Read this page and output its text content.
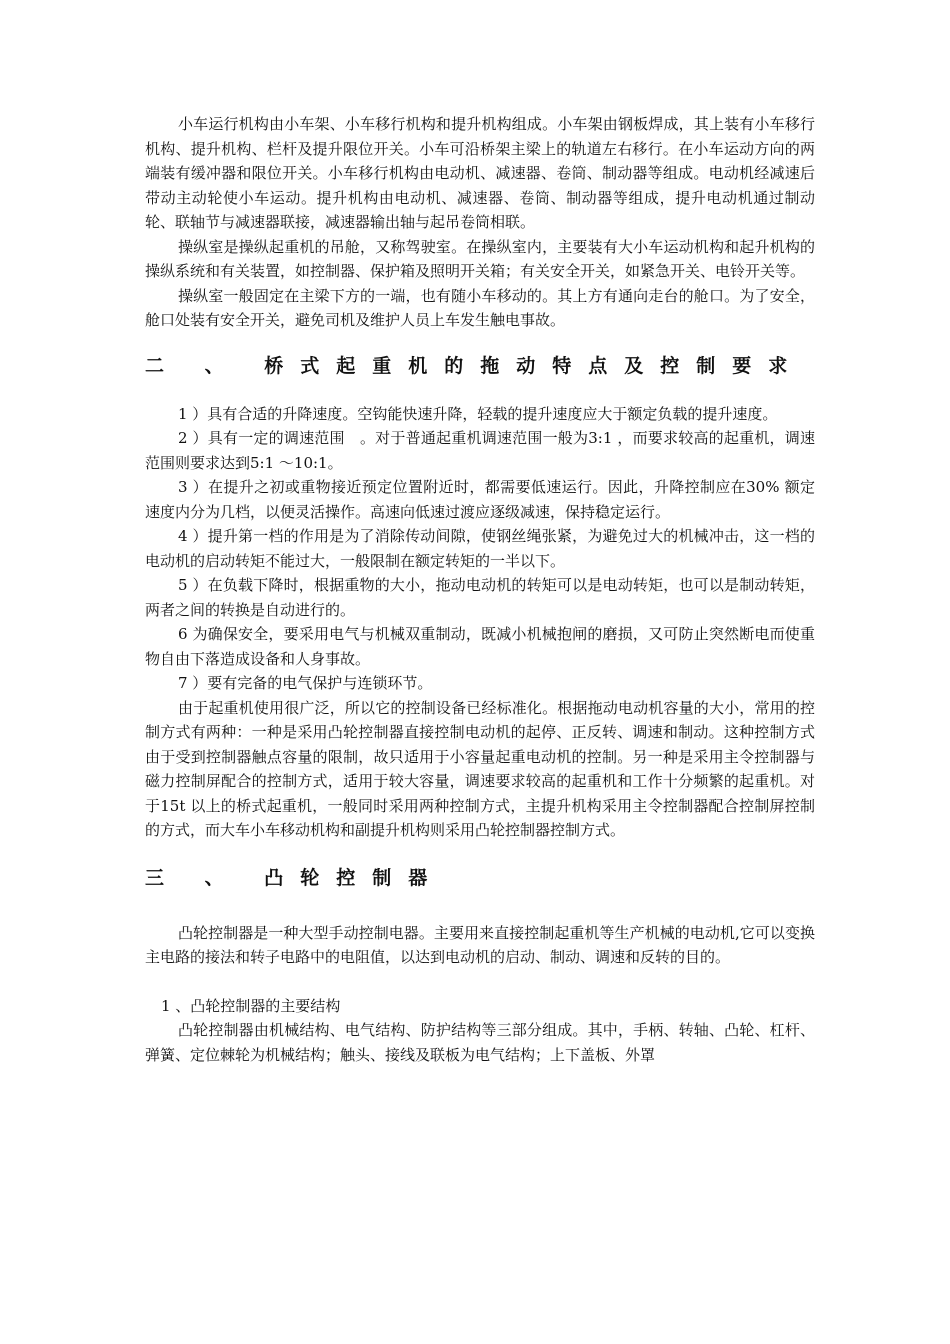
小车运行机构由小车架、小车移行机构和提升机构组成。小车架由钢板焊成，其上装有小车移行机构、提升机构、栏杆及提升限位开关。小车可沿桥架主梁上的轨道左右移行。在小车运动方向的两端装有缓冲器和限位开关。小车移行机构由电动机、减速器、卷筒、制动器等组成。电动机经减速后带动主动轮使小车运动。提升机构由电动机、减速器、卷筒、制动器等组成，提升电动机通过制动轮、联轴节与减速器联接，减速器输出轴与起吊卷筒相联。

操纵室是操纵起重机的吊舱，又称驾驶室。在操纵室内，主要装有大小车运动机构和起升机构的操纵系统和有关装置，如控制器、保护箱及照明开关箱；有关安全开关，如紧急开关、电铃开关等。

操纵室一般固定在主梁下方的一端，也有随小车移动的。其上方有通向走台的舱口。为了安全，舱口处装有安全开关，避免司机及维护人员上车发生触电事故。

二 、 桥式起重机的拖动特点及控制要求

1 ）具有合适的升降速度。空钩能快速升降，轻载的提升速度应大于额定负载的提升速度。

2 ）具有一定的调速范围　。对于普通起重机调速范围一般为3:1 ，而要求较高的起重机，调速范围则要求达到5:1 ～10:1。

3 ）在提升之初或重物接近预定位置附近时，都需要低速运行。因此，升降控制应在30% 额定速度内分为几档，以便灵活操作。高速向低速过渡应逐级减速，保持稳定运行。

4 ）提升第一档的作用是为了消除传动间隙，使钢丝绳张紧，为避免过大的机械冲击，这一档的电动机的启动转矩不能过大，一般限制在额定转矩的一半以下。

5 ）在负载下降时，根据重物的大小，拖动电动机的转矩可以是电动转矩，也可以是制动转矩，两者之间的转换是自动进行的。

6 为确保安全，要采用电气与机械双重制动，既减小机械抱闸的磨损，又可防止突然断电而使重物自由下落造成设备和人身事故。

7 ）要有完备的电气保护与连锁环节。

由于起重机使用很广泛，所以它的控制设备已经标准化。根据拖动电动机容量的大小，常用的控制方式有两种：一种是采用凸轮控制器直接控制电动机的起停、正反转、调速和制动。这种控制方式由于受到控制器触点容量的限制，故只适用于小容量起重电动机的控制。另一种是采用主令控制器与磁力控制屏配合的控制方式，适用于较大容量，调速要求较高的起重机和工作十分频繁的起重机。对于15t 以上的桥式起重机，一般同时采用两种控制方式，主提升机构采用主令控制器配合控制屏控制的方式，而大车小车移动机构和副提升机构则采用凸轮控制器控制方式。

三 、 凸轮控制器

凸轮控制器是一种大型手动控制电器。主要用来直接控制起重机等生产机械的电动机,它可以变换主电路的接法和转子电路中的电阻值，以达到电动机的启动、制动、调速和反转的目的。

1 、凸轮控制器的主要结构

凸轮控制器由机械结构、电气结构、防护结构等三部分组成。其中，手柄、转轴、凸轮、杠杆、弹簧、定位棘轮为机械结构；触头、接线及联板为电气结构；上下盖板、外罩
